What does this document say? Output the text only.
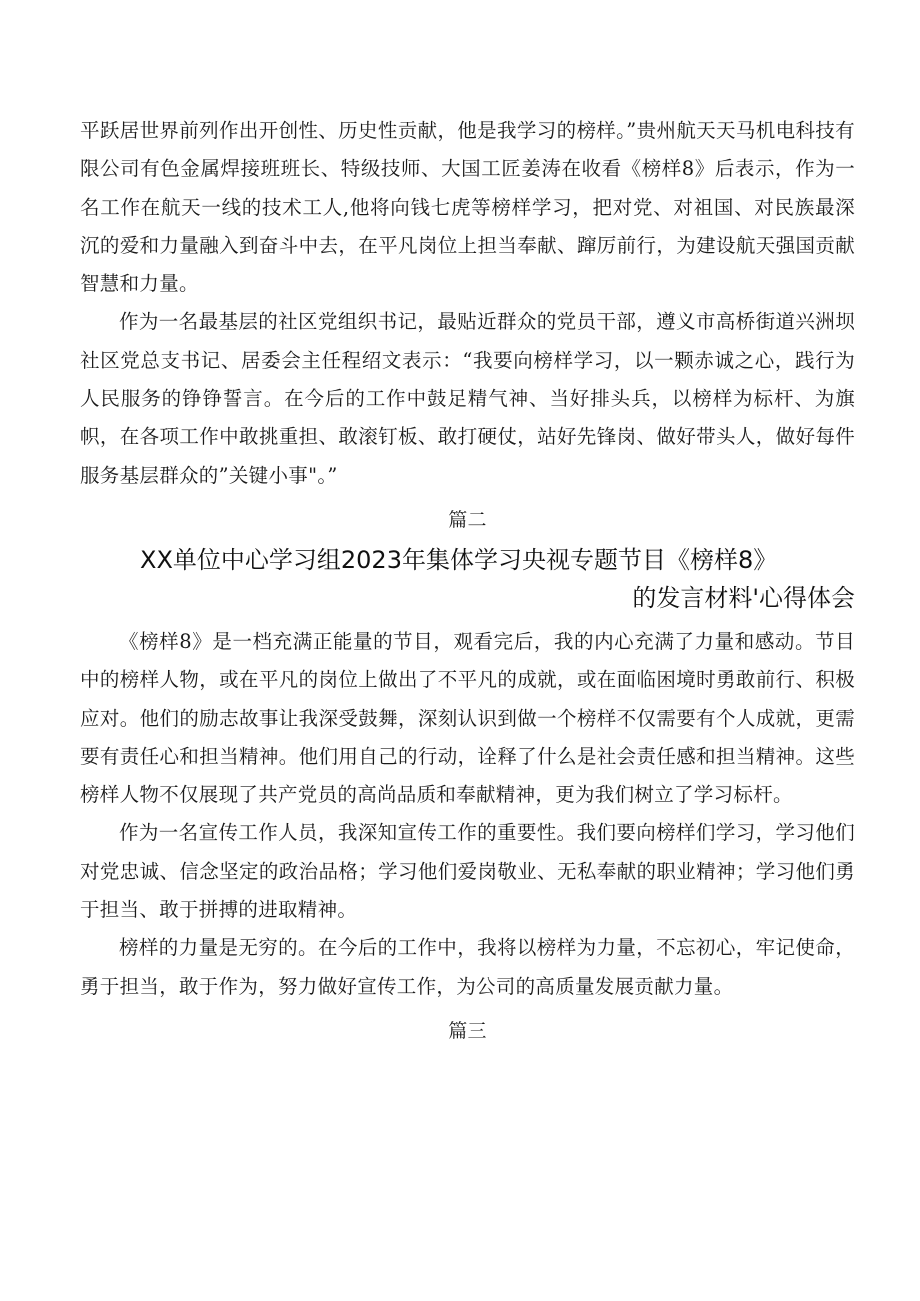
平跃居世界前列作出开创性、历史性贡献，他是我学习的榜样。”贵州航天天马机电科技有限公司有色金属焊接班班长、特级技师、大国工匠姜涛在收看《榜样8》后表示，作为一名工作在航天一线的技术工人,他将向钱七虎等榜样学习，把对党、对祖国、对民族最深沉的爱和力量融入到奋斗中去，在平凡岗位上担当奉献、蹿厉前行，为建设航天强国贡献智慧和力量。

作为一名最基层的社区党组织书记，最贴近群众的党员干部，遵义市高桥街道兴洲坝社区党总支书记、居委会主任程绍文表示：“我要向榜样学习，以一颗赤诚之心，践行为人民服务的铮铮誓言。在今后的工作中鼓足精气神、当好排头兵，以榜样为标杆、为旗帜，在各项工作中敢挑重担、敢滚钉板、敢打硬仗，站好先锋岗、做好带头人，做好每件服务基层群众的”关键小事"。”

篇二

XX单位中心学习组2023年集体学习央视专题节目《榜样8》
的发言材料'心得体会

《榜样8》是一档充满正能量的节目，观看完后，我的内心充满了力量和感动。节目中的榜样人物，或在平凡的岗位上做出了不平凡的成就，或在面临困境时勇敢前行、积极应对。他们的励志故事让我深受鼓舞，深刻认识到做一个榜样不仅需要有个人成就，更需要有责任心和担当精神。他们用自己的行动，诠释了什么是社会责任感和担当精神。这些榜样人物不仅展现了共产党员的高尚品质和奉献精神，更为我们树立了学习标杆。

作为一名宣传工作人员，我深知宣传工作的重要性。我们要向榜样们学习，学习他们对党忠诚、信念坚定的政治品格；学习他们爱岗敬业、无私奉献的职业精神；学习他们勇于担当、敢于拼搏的进取精神。

榜样的力量是无穷的。在今后的工作中，我将以榜样为力量，不忘初心，牢记使命，勇于担当，敢于作为，努力做好宣传工作，为公司的高质量发展贡献力量。

篇三
